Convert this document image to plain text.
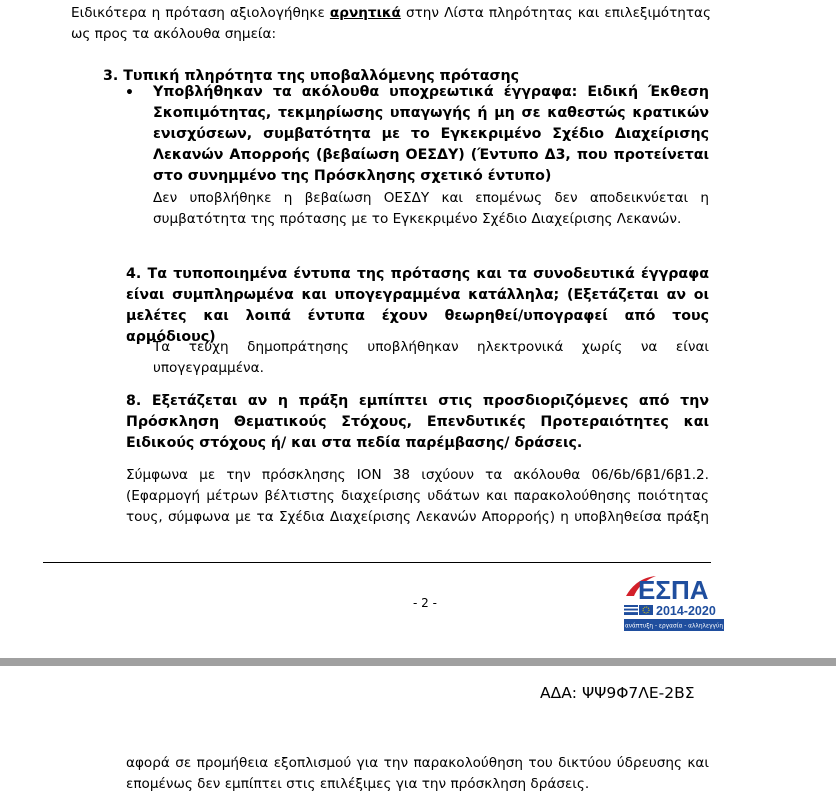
Ειδικότερα η πρόταση αξιολογήθηκε αρνητικά στην Λίστα πληρότητας και επιλεξιμότητας ως προς τα ακόλουθα σημεία:
3. Τυπική πληρότητα της υποβαλλόμενης πρότασης
• Υποβλήθηκαν τα ακόλουθα υποχρεωτικά έγγραφα: Ειδική Έκθεση Σκοπιμότητας, τεκμηρίωσης υπαγωγής ή μη σε καθεστώς κρατικών ενισχύσεων, συμβατότητα με το Εγκεκριμένο Σχέδιο Διαχείρισης Λεκανών Απορροής (βεβαίωση ΟΕΣΔΥ) (Έντυπο Δ3, που προτείνεται στο συνημμένο της Πρόσκλησης σχετικό έντυπο)
Δεν υποβλήθηκε η βεβαίωση ΟΕΣΔΥ και επομένως δεν αποδεικνύεται η συμβατότητα της πρότασης με το Εγκεκριμένο Σχέδιο Διαχείρισης Λεκανών.
4. Τα τυποποιημένα έντυπα της πρότασης και τα συνοδευτικά έγγραφα είναι συμπληρωμένα και υπογεγραμμένα κατάλληλα; (Εξετάζεται αν οι μελέτες και λοιπά έντυπα έχουν θεωρηθεί/υπογραφεί από τους αρμόδιους)
Τα τεύχη δημοπράτησης υποβλήθηκαν ηλεκτρονικά χωρίς να είναι υπογεγραμμένα.
8. Εξετάζεται αν η πράξη εμπίπτει στις προσδιοριζόμενες από την Πρόσκληση Θεματικούς Στόχους, Επενδυτικές Προτεραιότητες και Ειδικούς στόχους ή/ και στα πεδία παρέμβασης/ δράσεις.
Σύμφωνα με την πρόσκλησης ΙΟΝ 38 ισχύουν τα ακόλουθα 06/6b/6β1/6β1.2. (Εφαρμογή μέτρων βέλτιστης διαχείρισης υδάτων και παρακολούθησης ποιότητας τους, σύμφωνα με τα Σχέδια Διαχείρισης Λεκανών Απορροής) η υποβληθείσα πράξη
- 2 -	ΕΣΠΑ
2014-2020
ανάπτυξη - εργασία - αλληλεγγύη
ΑΔΑ: ΨΨ9Φ7ΛΕ-2ΒΣ
αφορά σε προμήθεια εξοπλισμού για την παρακολούθηση του δικτύου ύδρευσης και επομένως δεν εμπίπτει στις επιλέξιμες για την πρόσκληση δράσεις.
